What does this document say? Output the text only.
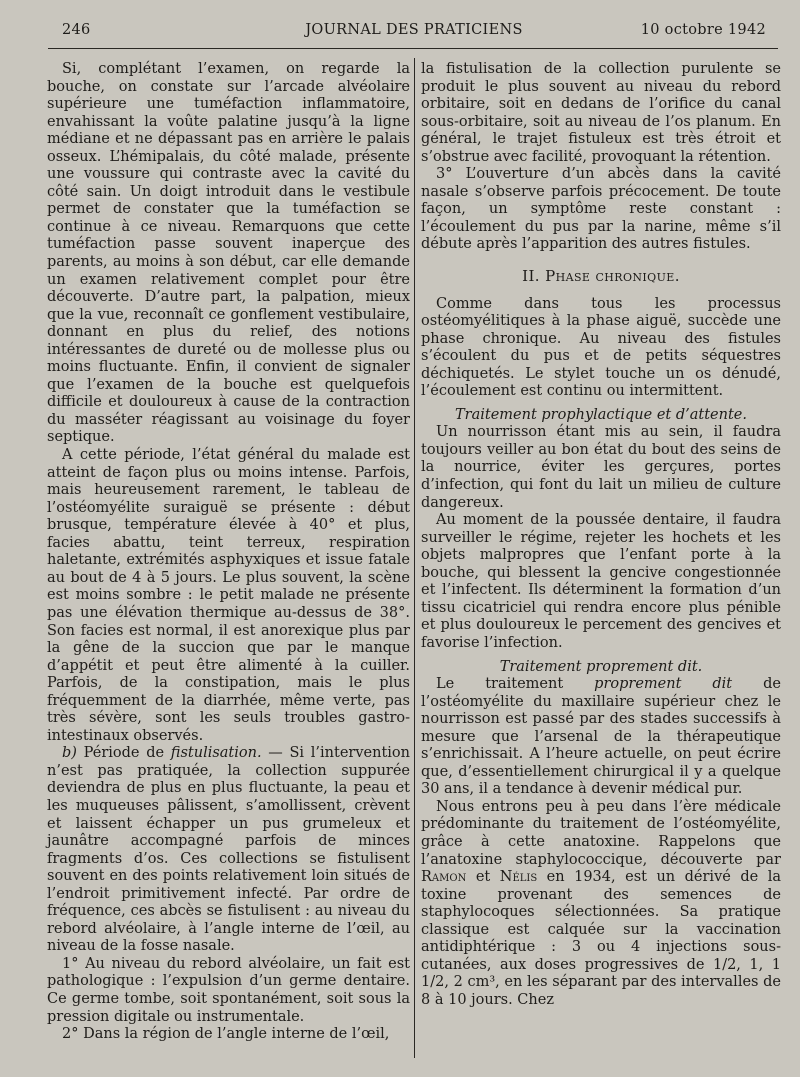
246	JOURNAL DES PRATICIENS	10 octobre 1942

Si, complétant l’examen, on regarde la bouche, on constate sur l’arcade alvéolaire supérieure une tuméfaction inflammatoire, envahissant la voûte palatine jusqu’à la ligne médiane et ne dépassant pas en arrière le palais osseux. L’hémipalais, du côté malade, présente une voussure qui contraste avec la cavité du côté sain. Un doigt introduit dans le vestibule permet de constater que la tuméfaction se continue à ce niveau. Remarquons que cette tuméfaction passe souvent inaperçue des parents, au moins à son début, car elle demande un examen relativement complet pour être découverte. D’autre part, la palpation, mieux que la vue, reconnaît ce gonflement vestibulaire, donnant en plus du relief, des notions intéressantes de dureté ou de mollesse plus ou moins fluctuante. Enfin, il convient de signaler que l’examen de la bouche est quelquefois difficile et douloureux à cause de la contraction du masséter réagissant au voisinage du foyer septique.

A cette période, l’état général du malade est atteint de façon plus ou moins intense. Parfois, mais heureusement rarement, le tableau de l’ostéomyélite suraiguë se présente : début brusque, température élevée à 40° et plus, facies abattu, teint terreux, respiration haletante, extrémités asphyxiques et issue fatale au bout de 4 à 5 jours. Le plus souvent, la scène est moins sombre : le petit malade ne présente pas une élévation thermique au-dessus de 38°. Son facies est normal, il est anorexique plus par la gêne de la succion que par le manque d’appétit et peut être alimenté à la cuiller. Parfois, de la constipation, mais le plus fréquemment de la diarrhée, même verte, pas très sévère, sont les seuls troubles gastro-intestinaux observés.

b) Période de fistulisation. — Si l’intervention n’est pas pratiquée, la collection suppurée deviendra de plus en plus fluctuante, la peau et les muqueuses pâlissent, s’amollissent, crèvent et laissent échapper un pus grumeleux et jaunâtre accompagné parfois de minces fragments d’os. Ces collections se fistulisent souvent en des points relativement loin situés de l’endroit primitivement infecté. Par ordre de fréquence, ces abcès se fistulisent : au niveau du rebord alvéolaire, à l’angle interne de l’œil, au niveau de la fosse nasale.

1° Au niveau du rebord alvéolaire, un fait est pathologique : l’expulsion d’un germe dentaire. Ce germe tombe, soit spontanément, soit sous la pression digitale ou instrumentale.

2° Dans la région de l’angle interne de l’œil,

la fistulisation de la collection purulente se produit le plus souvent au niveau du rebord orbitaire, soit en dedans de l’orifice du canal sous-orbitaire, soit au niveau de l’os planum. En général, le trajet fistuleux est très étroit et s’obstrue avec facilité, provoquant la rétention.

3° L’ouverture d’un abcès dans la cavité nasale s’observe parfois précocement. De toute façon, un symptôme reste constant : l’écoulement du pus par la narine, même s’il débute après l’apparition des autres fistules.

II. Phase chronique.

Comme dans tous les processus ostéomyélitiques à la phase aiguë, succède une phase chronique. Au niveau des fistules s’écoulent du pus et de petits séquestres déchiquetés. Le stylet touche un os dénudé, l’écoulement est continu ou intermittent.

Traitement prophylactique et d’attente.

Un nourrisson étant mis au sein, il faudra toujours veiller au bon état du bout des seins de la nourrice, éviter les gerçures, portes d’infection, qui font du lait un milieu de culture dangereux.

Au moment de la poussée dentaire, il faudra surveiller le régime, rejeter les hochets et les objets malpropres que l’enfant porte à la bouche, qui blessent la gencive congestionnée et l’infectent. Ils déterminent la formation d’un tissu cicatriciel qui rendra encore plus pénible et plus douloureux le percement des gencives et favorise l’infection.

Traitement proprement dit.

Le traitement proprement dit de l’ostéomyélite du maxillaire supérieur chez le nourrisson est passé par des stades successifs à mesure que l’arsenal de la thérapeutique s’enrichissait. A l’heure actuelle, on peut écrire que, d’essentiellement chirurgical il y a quelque 30 ans, il a tendance à devenir médical pur.

Nous entrons peu à peu dans l’ère médicale prédominante du traitement de l’ostéomyélite, grâce à cette anatoxine. Rappelons que l’anatoxine staphylococcique, découverte par Ramon et Nélis en 1934, est un dérivé de la toxine provenant des semences de staphylocoques sélectionnées. Sa pratique classique est calquée sur la vaccination antidiphtérique : 3 ou 4 injections sous-cutanées, aux doses progressives de 1/2, 1, 1 1/2, 2 cm³, en les séparant par des intervalles de 8 à 10 jours. Chez
